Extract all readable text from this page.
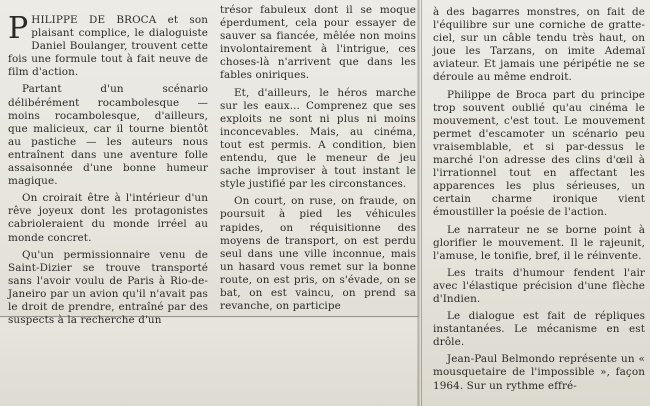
PHILIPPE DE BROCA et son plaisant complice, le dialoguiste Daniel Boulanger, trouvent cette fois une formule tout à fait neuve de film d'action.

Partant d'un scénario délibérément rocambolesque — moins rocambolesque, d'ailleurs, que malicieux, car il tourne bientôt au pastiche — les auteurs nous entraînent dans une aventure folle assaisonnée d'une bonne humeur magique.

On croirait être à l'intérieur d'un rêve joyeux dont les protagonistes cabrioleraient du monde irréel au monde concret.

Qu'un permissionnaire venu de Saint-Dizier se trouve transporté sans l'avoir voulu de Paris à Rio-de-Janeiro par un avion qu'il n'avait pas le droit de prendre, entraîné par des suspects à la recherche d'un

trésor fabuleux dont il se moque éperdument, cela pour essayer de sauver sa fiancée, mêlée non moins involontairement à l'intrigue, ces choses-là n'arrivent que dans les fables oniriques.

Et, d'ailleurs, le héros marche sur les eaux... Comprenez que ses exploits ne sont ni plus ni moins inconcevables. Mais, au cinéma, tout est permis. A condition, bien entendu, que le meneur de jeu sache improviser à tout instant le style justifié par les circonstances.

On court, on ruse, on fraude, on poursuit à pied les véhicules rapides, on réquisitionne des moyens de transport, on est perdu seul dans une ville inconnue, mais un hasard vous remet sur la bonne route, on est pris, on s'évade, on se bat, on est vaincu, on prend sa revanche, on participe

à des bagarres monstres, on fait de l'équilibre sur une corniche de gratte-ciel, sur un câble tendu très haut, on joue les Tarzans, on imite Ademaï aviateur. Et jamais une péripétie ne se déroule au même endroit.

Philippe de Broca part du principe trop souvent oublié qu'au cinéma le mouvement, c'est tout. Le mouvement permet d'escamoter un scénario peu vraisemblable, et si par-dessus le marché l'on adresse des clins d'œil à l'irrationnel tout en affectant les apparences les plus sérieuses, un certain charme ironique vient émoustiller la poésie de l'action.

Le narrateur ne se borne point à glorifier le mouvement. Il le rajeunit, l'amuse, le tonifie, bref, il le réinvente.

Les traits d'humour fendent l'air avec l'élastique précision d'une flèche d'Indien.

Le dialogue est fait de répliques instantanées. Le mécanisme en est drôle.

Jean-Paul Belmondo représente un « mousquetaire de l'impossible », façon 1964. Sur un rythme effré-
